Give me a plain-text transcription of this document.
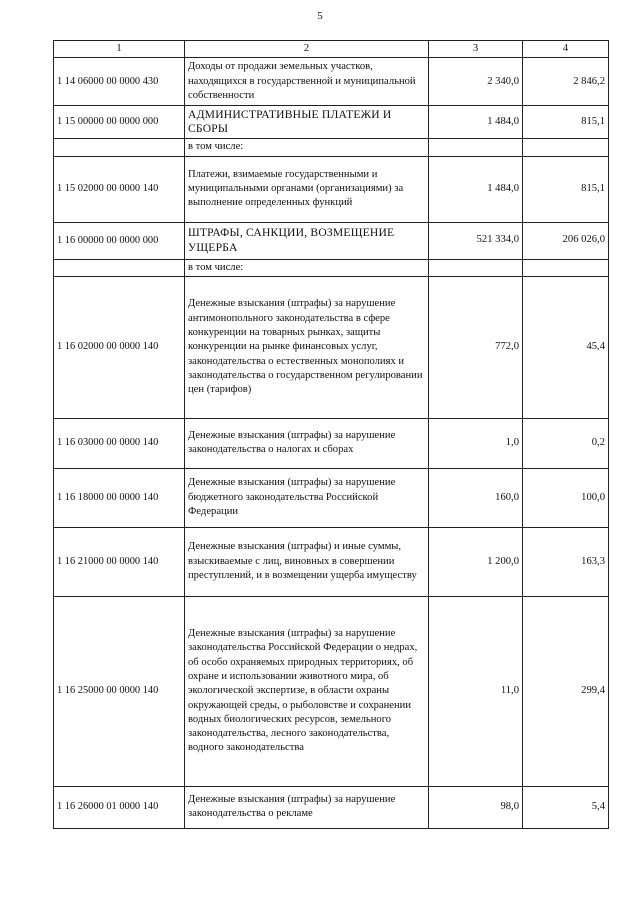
5
1	2	3	4
1 14 06000 00 0000 430	Доходы от продажи земельных участков, находящихся в государственной и муниципальной собственности	2 340,0	2 846,2
1 15 00000 00 0000 000	АДМИНИСТРАТИВНЫЕ ПЛАТЕЖИ И СБОРЫ	1 484,0	815,1
	в том числе:		
1 15 02000 00 0000 140	Платежи, взимаемые государственными и муниципальными органами (организациями) за выполнение определенных функций	1 484,0	815,1
1 16 00000 00 0000 000	ШТРАФЫ, САНКЦИИ, ВОЗМЕЩЕНИЕ УЩЕРБА	521 334,0	206 026,0
	в том числе:		
1 16 02000 00 0000 140	Денежные взыскания (штрафы) за нарушение антимонопольного законодательства в сфере конкуренции на товарных рынках, защиты конкуренции на рынке финансовых услуг, законодательства о естественных монополиях и законодательства о государственном регулировании цен (тарифов)	772,0	45,4
1 16 03000 00 0000 140	Денежные взыскания (штрафы) за нарушение законодательства о налогах и сборах	1,0	0,2
1 16 18000 00 0000 140	Денежные взыскания (штрафы) за нарушение бюджетного законодательства Российской Федерации	160,0	100,0
1 16 21000 00 0000 140	Денежные взыскания (штрафы) и иные суммы, взыскиваемые с лиц, виновных в совершении преступлений, и в возмещении ущерба имуществу	1 200,0	163,3
1 16 25000 00 0000 140	Денежные взыскания (штрафы) за нарушение законодательства Российской Федерации о недрах, об особо охраняемых природных территориях, об охране и использовании животного мира, об экологической экспертизе, в области охраны окружающей среды, о рыболовстве и сохранении водных биологических ресурсов, земельного законодательства, лесного законодательства, водного законодательства	11,0	299,4
1 16 26000 01 0000 140	Денежные взыскания (штрафы) за нарушение законодательства о рекламе	98,0	5,4
